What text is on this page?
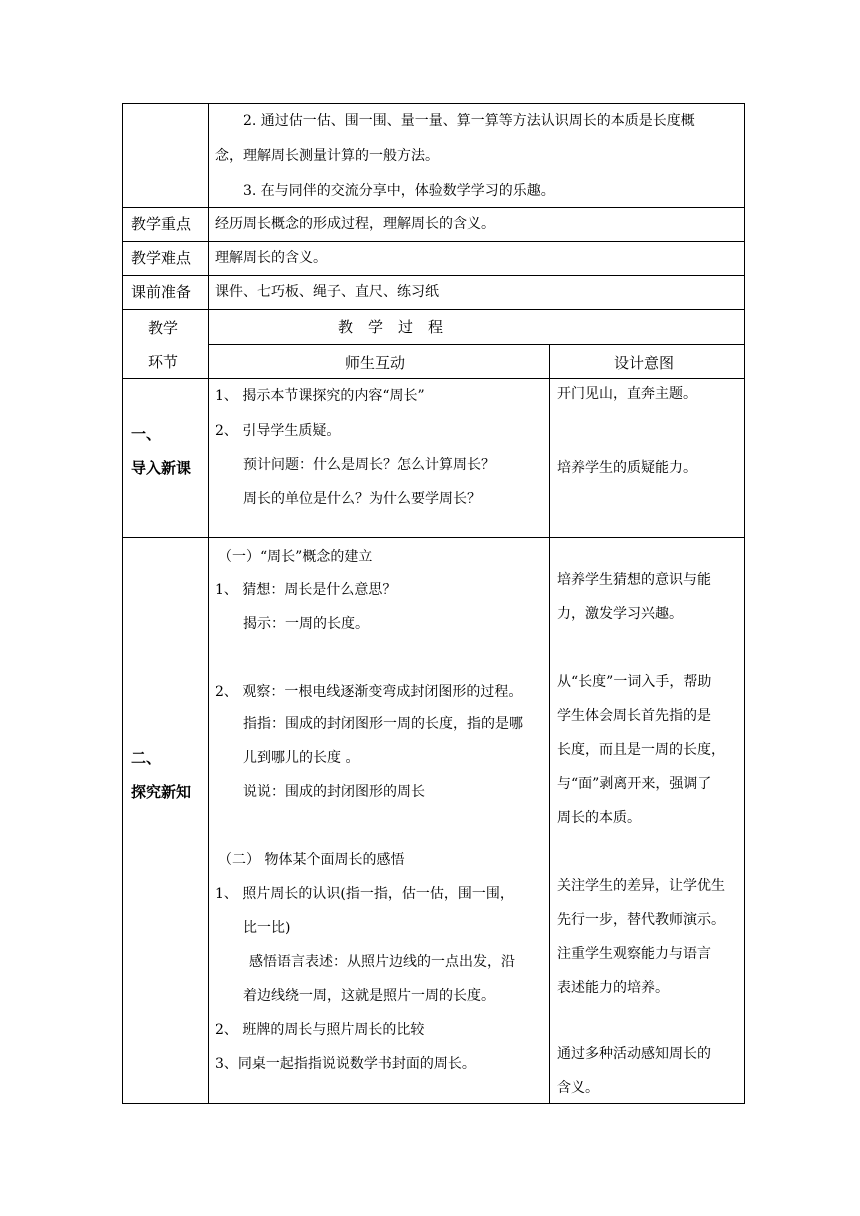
2. 通过估一估、围一围、量一量、算一算等方法认识周长的本质是长度概
念，理解周长测量计算的一般方法。
3. 在与同伴的交流分享中，体验数学学习的乐趣。
教学重点 经历周长概念的形成过程，理解周长的含义。
教学难点 理解周长的含义。
课前准备 课件、七巧板、绳子、直尺、练习纸
教学
环节
教　学　过　程
师生互动	设计意图
一、
导入新课
1、 揭示本节课探究的内容“周长”
2、 引导学生质疑。
预计问题：什么是周长？怎么计算周长？
周长的单位是什么？为什么要学周长？
开门见山，直奔主题。
培养学生的质疑能力。
二、
探究新知
（一）“周长”概念的建立
1、 猜想：周长是什么意思？
揭示：一周的长度。
2、 观察：一根电线逐渐变弯成封闭图形的过程。
指指：围成的封闭图形一周的长度，指的是哪
儿到哪儿的长度 。
说说：围成的封闭图形的周长
（二） 物体某个面周长的感悟
1、 照片周长的认识(指一指，估一估，围一围，
比一比)
感悟语言表述：从照片边线的一点出发，沿
着边线绕一周，这就是照片一周的长度。
2、 班牌的周长与照片周长的比较
3、同桌一起指指说说数学书封面的周长。
培养学生猜想的意识与能
力，激发学习兴趣。
从“长度”一词入手，帮助
学生体会周长首先指的是
长度，而且是一周的长度，
与“面”剥离开来，强调了
周长的本质。
关注学生的差异，让学优生
先行一步，替代教师演示。
注重学生观察能力与语言
表述能力的培养。
通过多种活动感知周长的
含义。
